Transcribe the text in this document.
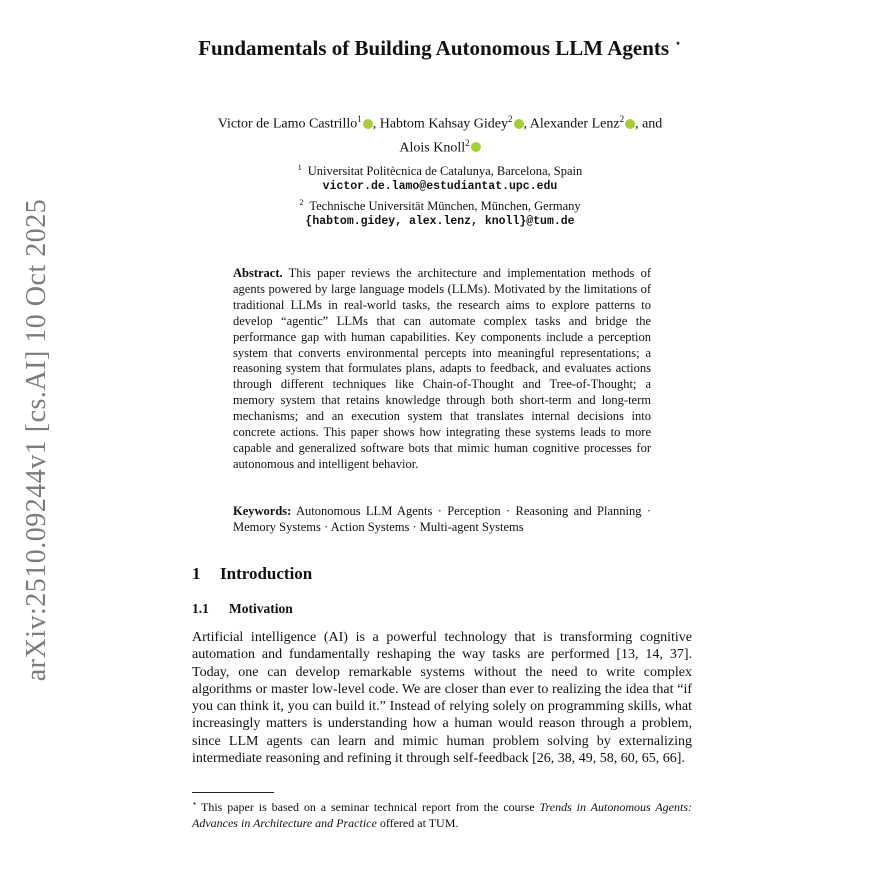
arXiv:2510.09244v1 [cs.AI] 10 Oct 2025
Fundamentals of Building Autonomous LLM Agents ⋆
Victor de Lamo Castrillo$^1$ , Habtom Kahsay Gidey$^2$ , Alexander Lenz$^2$ , and
Alois Knoll$^2$
$^1$ Universitat Politècnica de Catalunya, Barcelona, Spain
victor.de.lamo@estudiantat.upc.edu
$^2$ Technische Universität München, München, Germany
{habtom.gidey, alex.lenz, knoll}@tum.de
Abstract. This paper reviews the architecture and implementation methods of agents powered by large language models (LLMs). Motivated by the limitations of traditional LLMs in real-world tasks, the research aims to explore patterns to develop “agentic” LLMs that can automate complex tasks and bridge the performance gap with human capabilities. Key components include a perception system that converts environmental percepts into meaningful representations; a reasoning system that formulates plans, adapts to feedback, and evaluates actions through different techniques like Chain-of-Thought and Tree-of-Thought; a memory system that retains knowledge through both short-term and long-term mechanisms; and an execution system that translates internal decisions into concrete actions. This paper shows how integrating these systems leads to more capable and generalized software bots that mimic human cognitive processes for autonomous and intelligent behavior.
Keywords: Autonomous LLM Agents · Perception · Reasoning and Planning · Memory Systems · Action Systems · Multi-agent Systems
1 Introduction
1.1 Motivation
Artificial intelligence (AI) is a powerful technology that is transforming cognitive automation and fundamentally reshaping the way tasks are performed [13, 14, 37]. Today, one can develop remarkable systems without the need to write complex algorithms or master low-level code. We are closer than ever to realizing the idea that “if you can think it, you can build it.” Instead of relying solely on programming skills, what increasingly matters is understanding how a human would reason through a problem, since LLM agents can learn and mimic human problem solving by externalizing intermediate reasoning and refining it through self-feedback [26, 38, 49, 58, 60, 65, 66].
⋆ This paper is based on a seminar technical report from the course Trends in Autonomous Agents: Advances in Architecture and Practice offered at TUM.
